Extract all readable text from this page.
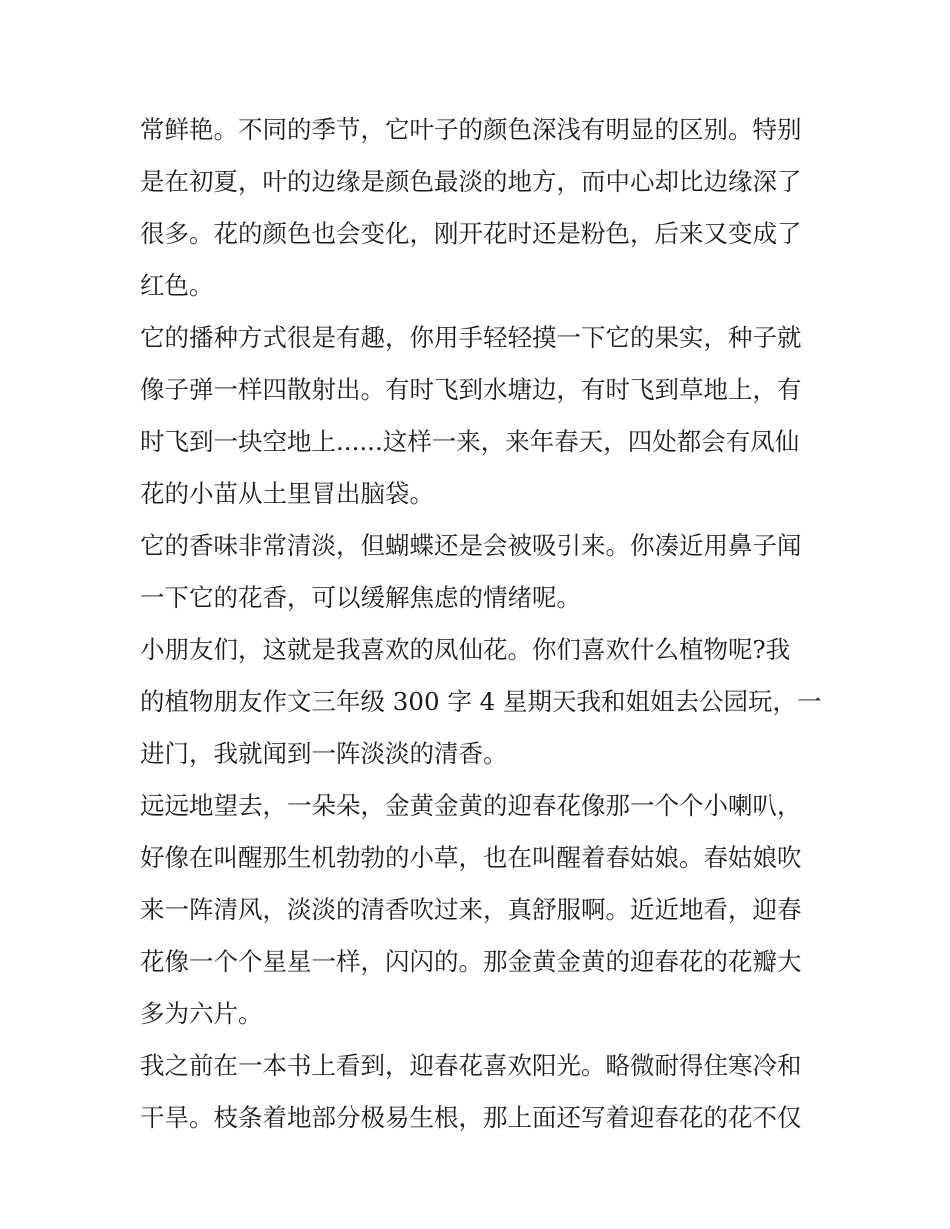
常鲜艳。不同的季节，它叶子的颜色深浅有明显的区别。特别
是在初夏，叶的边缘是颜色最淡的地方，而中心却比边缘深了
很多。花的颜色也会变化，刚开花时还是粉色，后来又变成了
红色。
它的播种方式很是有趣，你用手轻轻摸一下它的果实，种子就
像子弹一样四散射出。有时飞到水塘边，有时飞到草地上，有
时飞到一块空地上......这样一来，来年春天，四处都会有凤仙
花的小苗从土里冒出脑袋。
它的香味非常清淡，但蝴蝶还是会被吸引来。你凑近用鼻子闻
一下它的花香，可以缓解焦虑的情绪呢。
小朋友们，这就是我喜欢的凤仙花。你们喜欢什么植物呢?我
的植物朋友作文三年级 300 字 4 星期天我和姐姐去公园玩，一
进门，我就闻到一阵淡淡的清香。
远远地望去，一朵朵，金黄金黄的迎春花像那一个个小喇叭，
好像在叫醒那生机勃勃的小草，也在叫醒着春姑娘。春姑娘吹
来一阵清风，淡淡的清香吹过来，真舒服啊。近近地看，迎春
花像一个个星星一样，闪闪的。那金黄金黄的迎春花的花瓣大
多为六片。
我之前在一本书上看到，迎春花喜欢阳光。略微耐得住寒冷和
干旱。枝条着地部分极易生根，那上面还写着迎春花的花不仅
